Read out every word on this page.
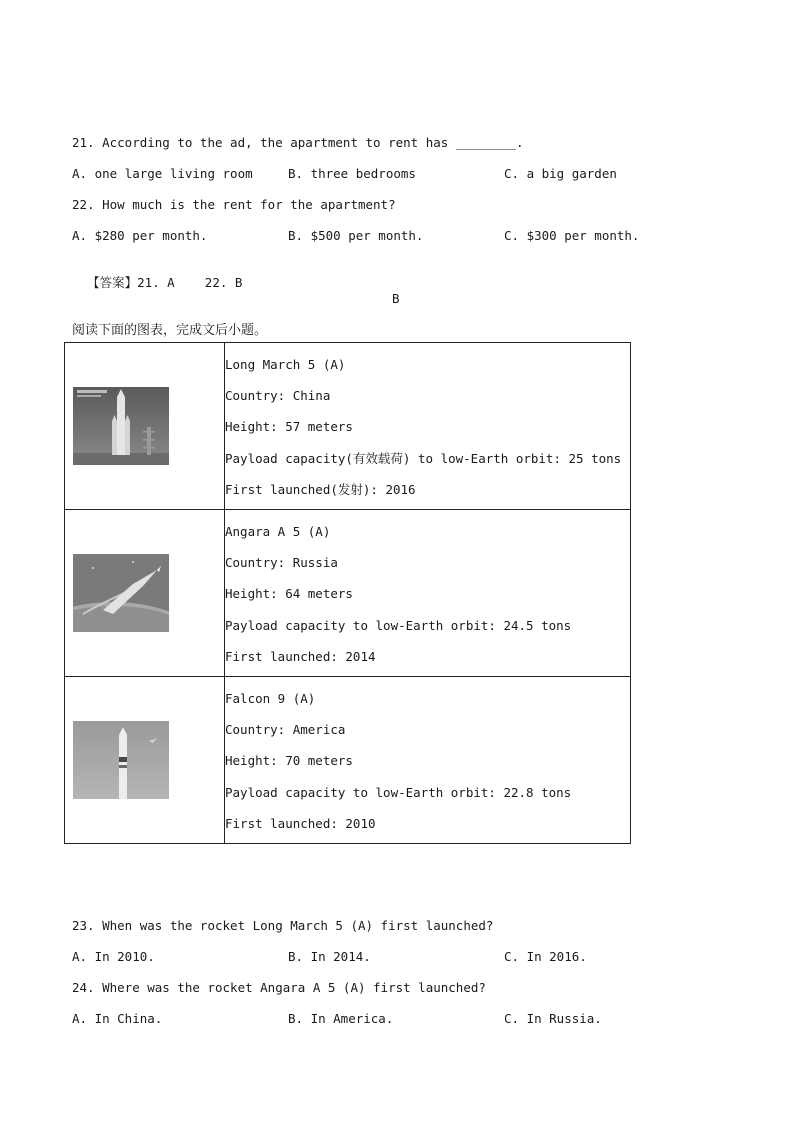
21. According to the ad, the apartment to rent has ________.
A. one large living room	B. three bedrooms	C. a big garden
22. How much is the rent for the apartment?
A. $280 per month.	B. $500 per month.	C. $300 per month.

【答案】21. A    22. B

B
阅读下面的图表，完成文后小题。

Long March 5 (A)
Country: China
Height: 57 meters
Payload capacity(有效载荷) to low-Earth orbit: 25 tons
First launched(发射): 2016

Angara A 5 (A)
Country: Russia
Height: 64 meters
Payload capacity to low-Earth orbit: 24.5 tons
First launched: 2014

Falcon 9 (A)
Country: America
Height: 70 meters
Payload capacity to low-Earth orbit: 22.8 tons
First launched: 2010
23. When was the rocket Long March 5 (A) first launched?
A. In 2010.	B. In 2014.	C. In 2016.
24. Where was the rocket Angara A 5 (A) first launched?
A. In China.	B. In America.	C. In Russia.
